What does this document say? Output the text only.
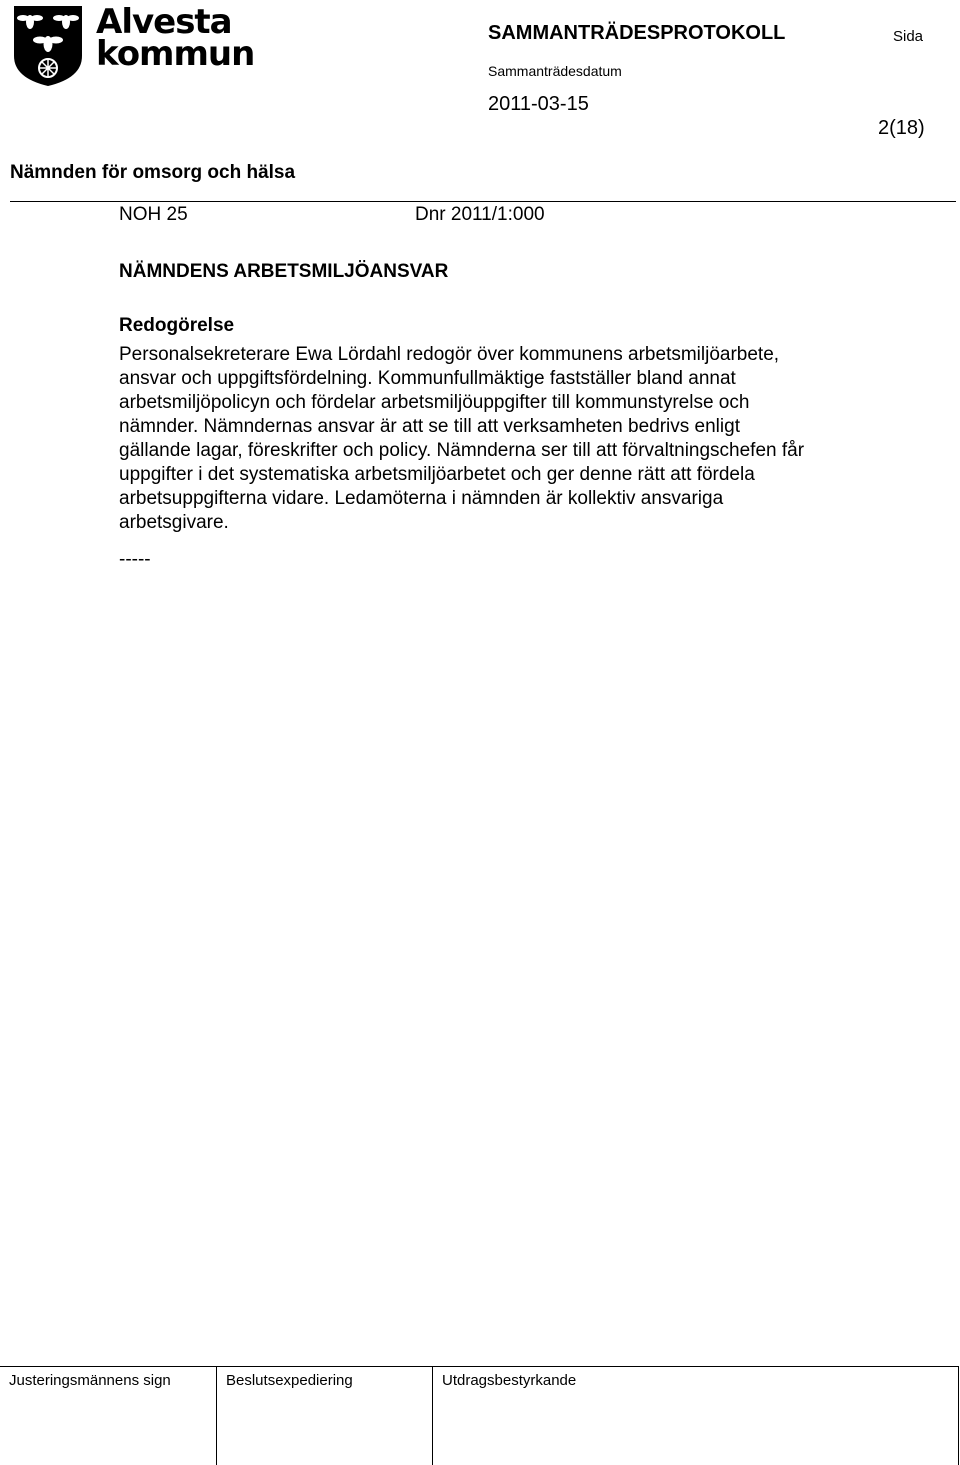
Alvesta
kommun
SAMMANTRÄDESPROTOKOLL	Sida
Sammanträdesdatum
2011-03-15
2(18)
Nämnden för omsorg och hälsa
NOH 25	Dnr 2011/1:000
NÄMNDENS ARBETSMILJÖANSVAR
Redogörelse
Personalsekreterare Ewa Lördahl redogör över kommunens arbetsmiljöarbete,
ansvar och uppgiftsfördelning. Kommunfullmäktige fastställer bland annat
arbetsmiljöpolicyn och fördelar arbetsmiljöuppgifter till kommunstyrelse och
nämnder. Nämndernas ansvar är att se till att verksamheten bedrivs enligt
gällande lagar, föreskrifter och policy. Nämnderna ser till att förvaltningschefen får
uppgifter i det systematiska arbetsmiljöarbetet och ger denne rätt att fördela
arbetsuppgifterna vidare. Ledamöterna i nämnden är kollektiv ansvariga
arbetsgivare.
-----
Justeringsmännens sign	Beslutsexpediering	Utdragsbestyrkande
